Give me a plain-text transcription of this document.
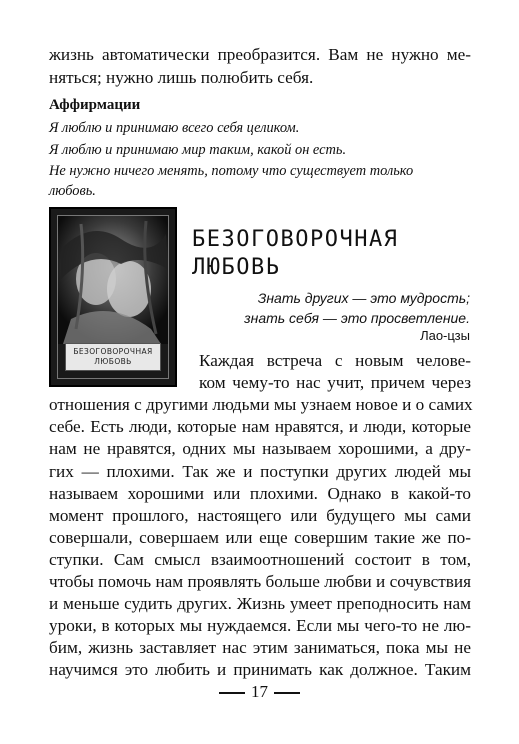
жизнь автоматически преобразится. Вам не нужно ме-
няться; нужно лишь полюбить себя.
Аффирмации
Я люблю и принимаю всего себя целиком.
Я люблю и принимаю мир таким, какой он есть.
Не нужно ничего менять, потому что существует только
любовь.
БЕЗОГОВОРОЧНАЯ
ЛЮБОВЬ
БЕЗОГОВОРОЧНАЯ
ЛЮБОВЬ
Знать других — это мудрость;
знать себя — это просветление.
Лао-цзы
Каждая встреча с новым челове-
ком чему-то нас учит, причем через
отношения с другими людьми мы узнаем новое и о самих
себе. Есть люди, которые нам нравятся, и люди, которые
нам не нравятся, одних мы называем хорошими, а дру-
гих — плохими. Так же и поступки других людей мы
называем хорошими или плохими. Однако в какой-то
момент прошлого, настоящего или будущего мы сами
совершали, совершаем или еще совершим такие же по-
ступки. Сам смысл взаимоотношений состоит в том,
чтобы помочь нам проявлять больше любви и сочувствия
и меньше судить других. Жизнь умеет преподносить нам
уроки, в которых мы нуждаемся. Если мы чего-то не лю-
бим, жизнь заставляет нас этим заниматься, пока мы не
научимся это любить и принимать как должное. Таким
17
